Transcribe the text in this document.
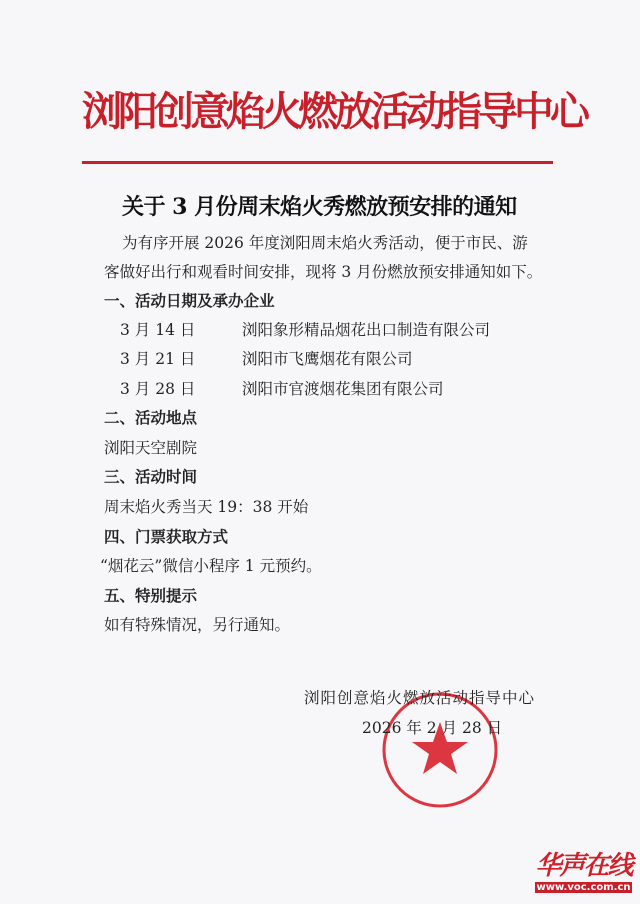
浏阳创意焰火燃放活动指导中心
关于 3 月份周末焰火秀燃放预安排的通知
为有序开展 2026 年度浏阳周末焰火秀活动，便于市民、游
客做好出行和观看时间安排，现将 3 月份燃放预安排通知如下。
一、活动日期及承办企业
3 月 14 日	浏阳象形精品烟花出口制造有限公司
3 月 21 日	浏阳市飞鹰烟花有限公司
3 月 28 日	浏阳市官渡烟花集团有限公司
二、活动地点
浏阳天空剧院
三、活动时间
周末焰火秀当天 19：38 开始
四、门票获取方式
“烟花云”微信小程序 1 元预约。
五、特别提示
如有特殊情况，另行通知。
浏阳创意焰火燃放活动指导中心
2026 年 2 月 28 日
华声在线
www.voc.com.cn
